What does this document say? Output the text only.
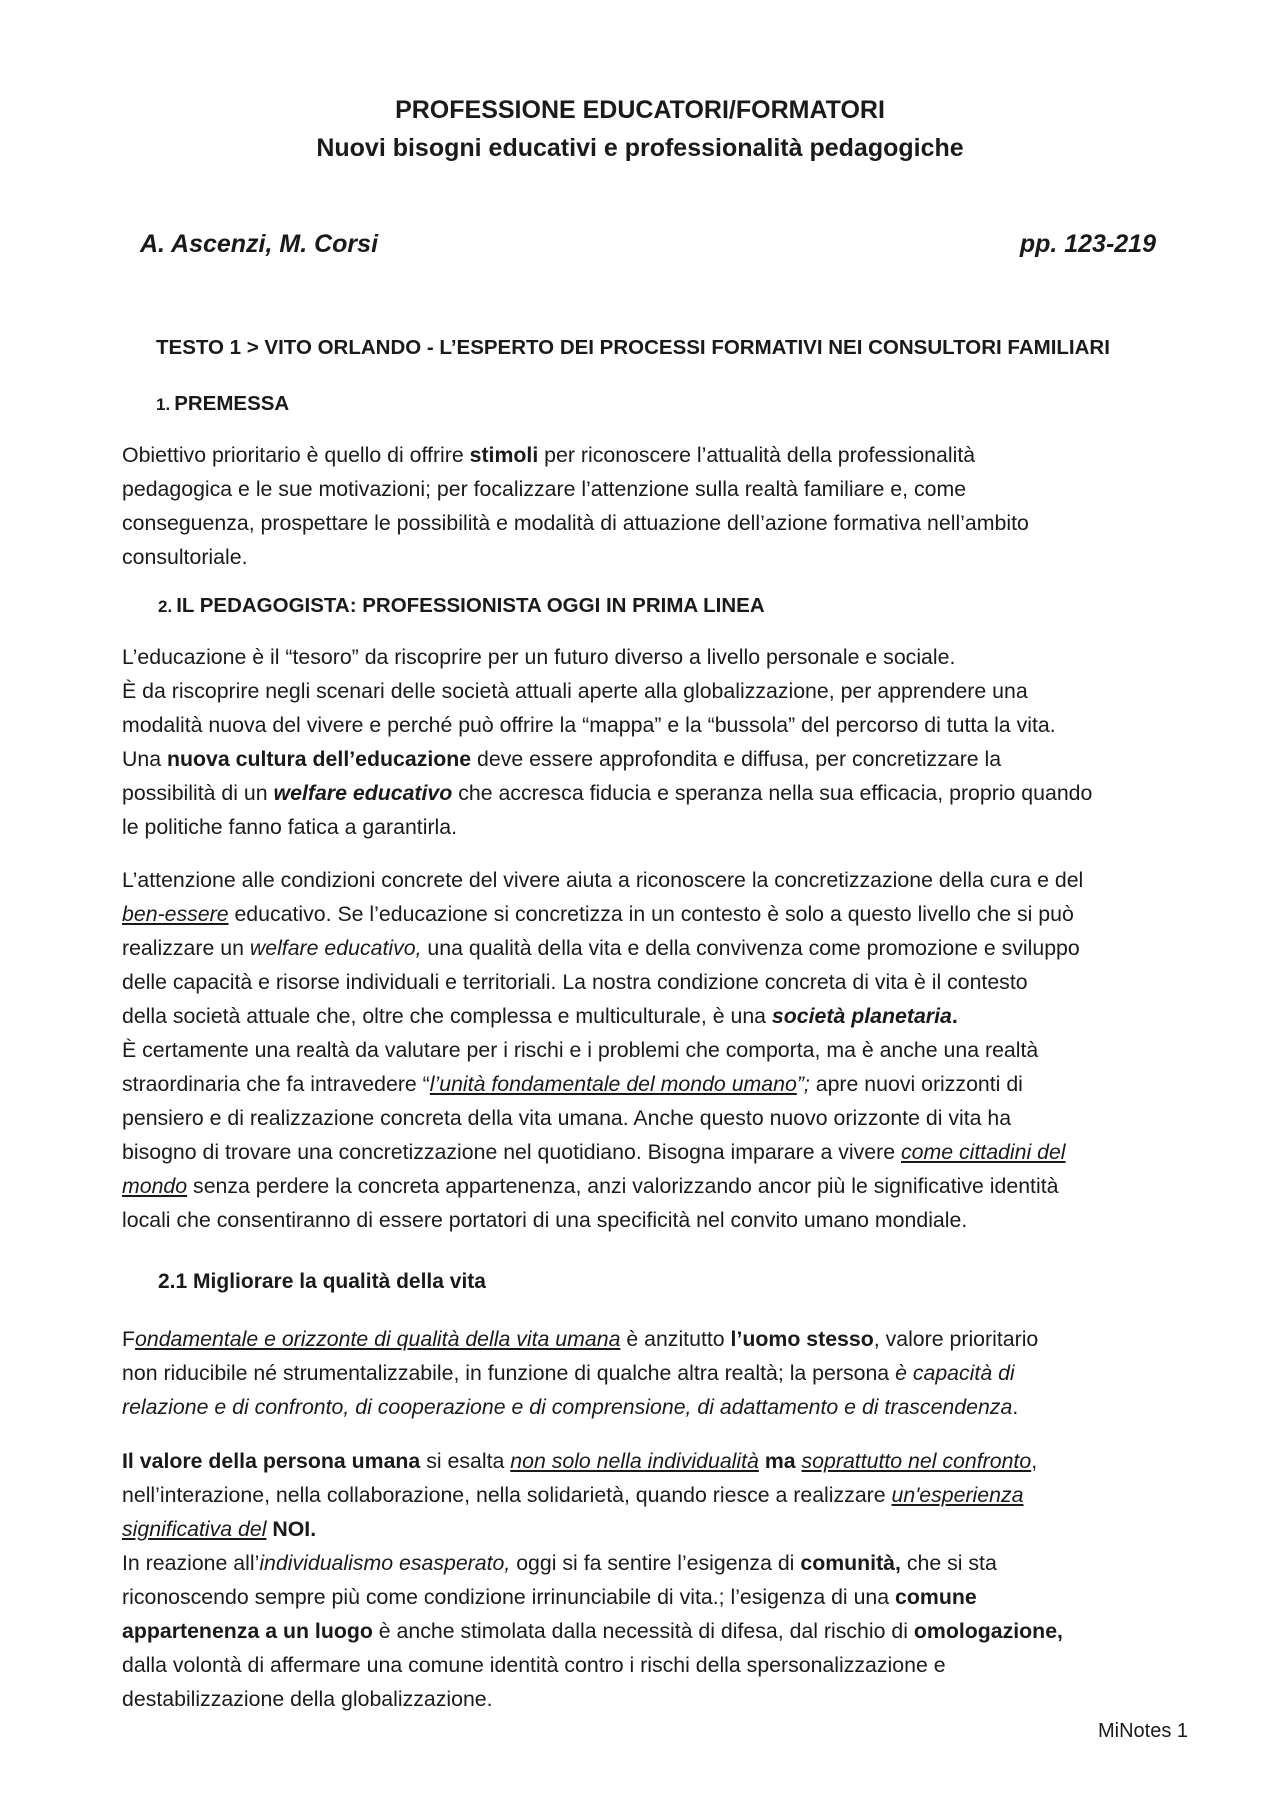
PROFESSIONE EDUCATORI/FORMATORI
Nuovi bisogni educativi e professionalità pedagogiche
A. Ascenzi, M. Corsi	pp. 123-219
TESTO 1 > VITO ORLANDO - L’ESPERTO DEI PROCESSI FORMATIVI NEI CONSULTORI FAMILIARI
1. PREMESSA

Obiettivo prioritario è quello di offrire stimoli per riconoscere l’attualità della professionalità
pedagogica e le sue motivazioni; per focalizzare l’attenzione sulla realtà familiare e, come
conseguenza, prospettare le possibilità e modalità di attuazione dell’azione formativa nell’ambito
consultoriale.

2. IL PEDAGOGISTA: PROFESSIONISTA OGGI IN PRIMA LINEA

L’educazione è il “tesoro” da riscoprire per un futuro diverso a livello personale e sociale.
È da riscoprire negli scenari delle società attuali aperte alla globalizzazione, per apprendere una
modalità nuova del vivere e perché può offrire la “mappa” e la “bussola” del percorso di tutta la vita.
Una nuova cultura dell’educazione deve essere approfondita e diffusa, per concretizzare la
possibilità di un welfare educativo che accresca fiducia e speranza nella sua efficacia, proprio quando
le politiche fanno fatica a garantirla.

L’attenzione alle condizioni concrete del vivere aiuta a riconoscere la concretizzazione della cura e del
ben-essere educativo. Se l’educazione si concretizza in un contesto è solo a questo livello che si può
realizzare un welfare educativo, una qualità della vita e della convivenza come promozione e sviluppo
delle capacità e risorse individuali e territoriali. La nostra condizione concreta di vita è il contesto
della società attuale che, oltre che complessa e multiculturale, è una società planetaria.
È certamente una realtà da valutare per i rischi e i problemi che comporta, ma è anche una realtà
straordinaria che fa intravedere “l’unità fondamentale del mondo umano”; apre nuovi orizzonti di
pensiero e di realizzazione concreta della vita umana. Anche questo nuovo orizzonte di vita ha
bisogno di trovare una concretizzazione nel quotidiano. Bisogna imparare a vivere come cittadini del
mondo senza perdere la concreta appartenenza, anzi valorizzando ancor più le significative identità
locali che consentiranno di essere portatori di una specificità nel convito umano mondiale.

2.1 Migliorare la qualità della vita

Fondamentale e orizzonte di qualità della vita umana è anzitutto l’uomo stesso, valore prioritario
non riducibile né strumentalizzabile, in funzione di qualche altra realtà; la persona è capacità di
relazione e di confronto, di cooperazione e di comprensione, di adattamento e di trascendenza.

Il valore della persona umana si esalta non solo nella individualità ma soprattutto nel confronto,
nell’interazione, nella collaborazione, nella solidarietà, quando riesce a realizzare un'esperienza
significativa del NOI.
In reazione all’individualismo esasperato, oggi si fa sentire l’esigenza di comunità, che si sta
riconoscendo sempre più come condizione irrinunciabile di vita.; l’esigenza di una comune
appartenenza a un luogo è anche stimolata dalla necessità di difesa, dal rischio di omologazione,
dalla volontà di affermare una comune identità contro i rischi della spersonalizzazione e
destabilizzazione della globalizzazione.

MiNotes 1
